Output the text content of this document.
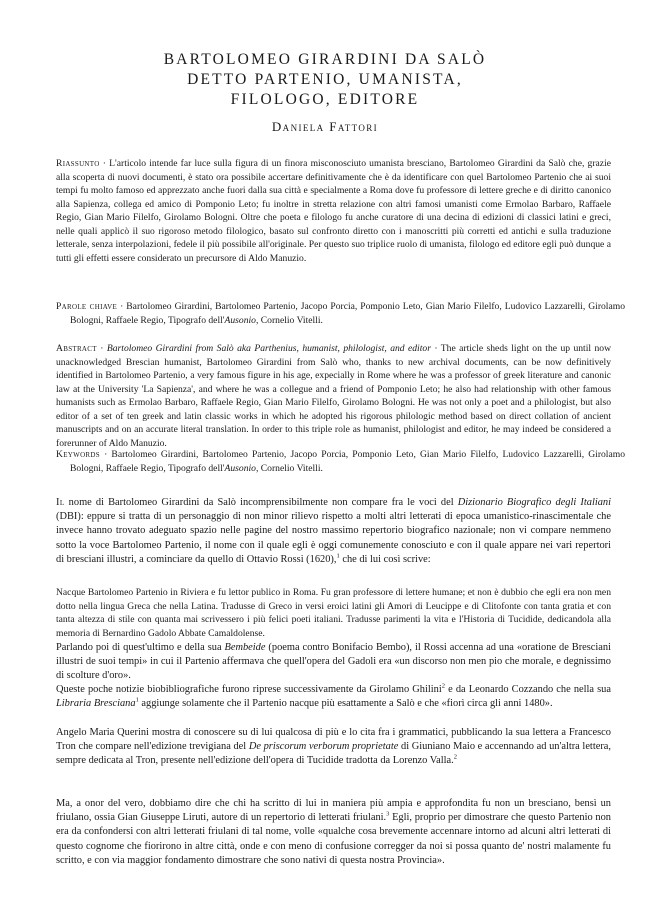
BARTOLOMEO GIRARDINI DA SALÒ
DETTO PARTENIO, UMANISTA,
FILOLOGO, EDITORE
Daniela Fattori
Riassunto · L'articolo intende far luce sulla figura di un finora misconosciuto umanista bresciano, Bartolomeo Girardini da Salò che, grazie alla scoperta di nuovi documenti, è stato ora possibile accertare definitivamente che è da identificare con quel Bartolomeo Partenio che ai suoi tempi fu molto famoso ed apprezzato anche fuori dalla sua città e specialmente a Roma dove fu professore di lettere greche e di diritto canonico alla Sapienza, collega ed amico di Pomponio Leto; fu inoltre in stretta relazione con altri famosi umanisti come Ermolao Barbaro, Raffaele Regio, Gian Mario Filelfo, Girolamo Bologni. Oltre che poeta e filologo fu anche curatore di una decina di edizioni di classici latini e greci, nelle quali applicò il suo rigoroso metodo filologico, basato sul confronto diretto con i manoscritti più corretti ed antichi e sulla traduzione letterale, senza interpolazioni, fedele il più possibile all'originale. Per questo suo triplice ruolo di umanista, filologo ed editore egli può dunque a tutti gli effetti essere considerato un precursore di Aldo Manuzio.
Parole chiave · Bartolomeo Girardini, Bartolomeo Partenio, Jacopo Porcia, Pomponio Leto, Gian Mario Filelfo, Ludovico Lazzarelli, Girolamo Bologni, Raffaele Regio, Tipografo dell'Ausonio, Cornelio Vitelli.
Abstract · Bartolomeo Girardini from Salò aka Parthenius, humanist, philologist, and editor · The article sheds light on the up until now unacknowledged Brescian humanist, Bartolomeo Girardini from Salò who, thanks to new archival documents, can be now definitively identified in Bartolomeo Partenio, a very famous figure in his age, expecially in Rome where he was a professor of greek literature and canonic law at the University 'La Sapienza', and where he was a collegue and a friend of Pomponio Leto; he also had relationship with other famous humanists such as Ermolao Barbaro, Raffaele Regio, Gian Mario Filelfo, Girolamo Bologni. He was not only a poet and a philologist, but also editor of a set of ten greek and latin classic works in which he adopted his rigorous philologic method based on direct collation of ancient manuscripts and on an accurate literal translation. In order to this triple role as humanist, philologist and editor, he may indeed be considered a forerunner of Aldo Manuzio.
Keywords · Bartolomeo Girardini, Bartolomeo Partenio, Jacopo Porcia, Pomponio Leto, Gian Mario Filelfo, Ludovico Lazzarelli, Girolamo Bologni, Raffaele Regio, Tipografo dell'Ausonio, Cornelio Vitelli.
Il nome di Bartolomeo Girardini da Salò incomprensibilmente non compare fra le voci del Dizionario Biografico degli Italiani (DBI): eppure si tratta di un personaggio di non minor rilievo rispetto a molti altri letterati di epoca umanistico-rinascimentale che invece hanno trovato adeguato spazio nelle pagine del nostro massimo repertorio biografico nazionale; non vi compare nemmeno sotto la voce Bartolomeo Partenio, il nome con il quale egli è oggi comunemente conosciuto e con il quale appare nei vari repertori di bresciani illustri, a cominciare da quello di Ottavio Rossi (1620),$^1$ che di lui così scrive:
Nacque Bartolomeo Partenio in Riviera e fu lettor publico in Roma. Fu gran professore di lettere humane; et non è dubbio che egli era non men dotto nella lingua Greca che nella Latina. Tradusse di Greco in versi eroici latini gli Amori di Leucippe e di Clitofonte con tanta gratia et con tanta altezza di stile con quanta mai scrivessero i più felici poeti italiani. Tradusse parimenti la vita e l'Historia di Tucidide, dedicandola alla memoria di Bernardino Gadolo Abbate Camaldolense.
Parlando poi di quest'ultimo e della sua Bembeide (poema contro Bonifacio Bembo), il Rossi accenna ad una «oratione de Bresciani illustri de suoi tempi» in cui il Partenio affermava che quell'opera del Gadoli era «un discorso non men pio che morale, e degnissimo di scolture d'oro».
Queste poche notizie biobibliografiche furono riprese successivamente da Girolamo Ghilini$^2$ e da Leonardo Cozzando che nella sua Libraria Bresciana$^1$ aggiunge solamente che il Partenio nacque più esattamente a Salò e che «fiorì circa gli anni 1480».
Angelo Maria Querini mostra di conoscere su di lui qualcosa di più e lo cita fra i grammatici, pubblicando la sua lettera a Francesco Tron che compare nell'edizione trevigiana del De priscorum verborum proprietate di Giuniano Maio e accennando ad un'altra lettera, sempre dedicata al Tron, presente nell'edizione dell'opera di Tucidide tradotta da Lorenzo Valla.$^2$
Ma, a onor del vero, dobbiamo dire che chi ha scritto di lui in maniera più ampia e approfondita fu non un bresciano, bensì un friulano, ossia Gian Giuseppe Liruti, autore di un repertorio di letterati friulani.$^3$ Egli, proprio per dimostrare che questo Partenio non era da confondersi con altri letterati friulani di tal nome, volle «qualche cosa brevemente accennare intorno ad alcuni altri letterati di questo cognome che fiorirono in altre città, onde e con meno di confusione corregger da noi si possa quanto de' nostri malamente fu scritto, e con via maggior fondamento dimostrare che sono nativi di questa nostra Provincia».
